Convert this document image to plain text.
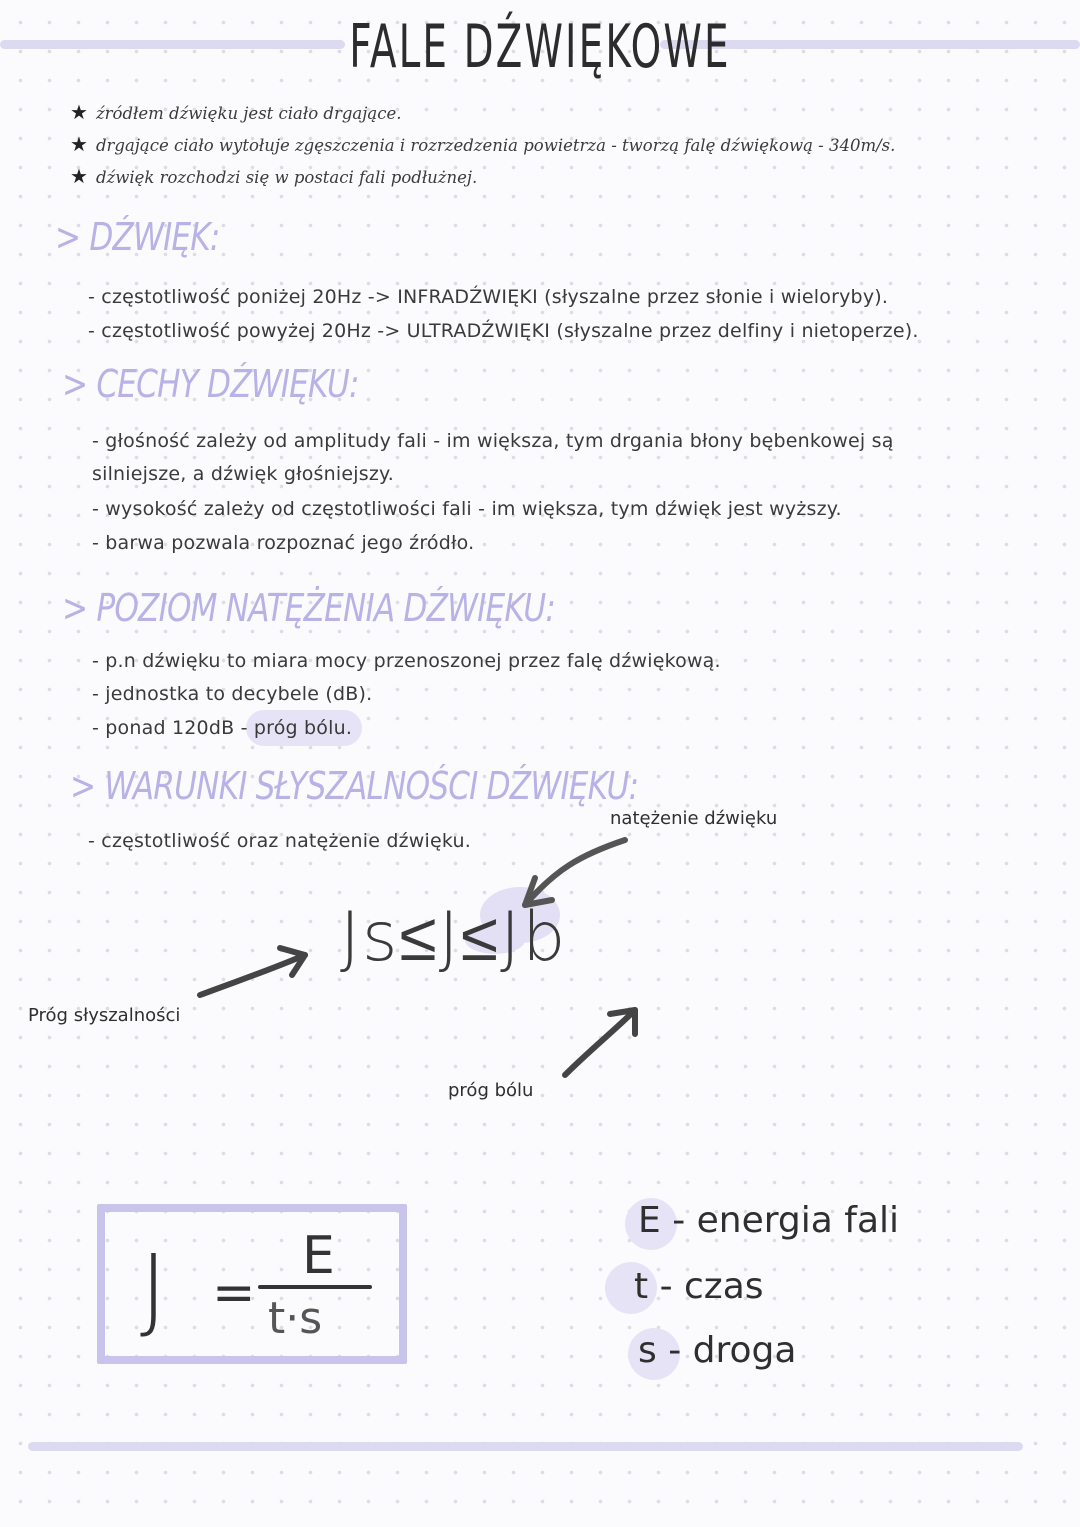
FALE DŹWIĘKOWE
★ źródłem dźwięku jest ciało drgające.
★ drgające ciało wytołuje zgęszczenia i rozrzedzenia powietrza - tworzą falę dźwiękową - 340m/s.
★ dźwięk rozchodzi się w postaci fali podłużnej.
> DŹWIĘK:
- częstotliwość poniżej 20Hz -> INFRADŹWIĘKI (słyszalne przez słonie i wieloryby).
- częstotliwość powyżej 20Hz -> ULTRADŹWIĘKI (słyszalne przez delfiny i nietoperze).
> CECHY DŹWIĘKU:
- głośność zależy od amplitudy fali - im większa, tym drgania błony bębenkowej są
silniejsze, a dźwięk głośniejszy.
- wysokość zależy od częstotliwości fali - im większa, tym dźwięk jest wyższy.
- barwa pozwala rozpoznać jego źródło.
> POZIOM NATĘŻENIA DŹWIĘKU:
- p.n dźwięku to miara mocy przenoszonej przez falę dźwiękową.
- jednostka to decybele (dB).
- ponad 120dB - próg bólu.
> WARUNKI SŁYSZALNOŚCI DŹWIĘKU:
- częstotliwość oraz natężenie dźwięku.
natężenie dźwięku
Próg słyszalności
próg bólu
Js≤J≤Jb
J =
E
t·s
E - energia fali
t - czas
s - droga
